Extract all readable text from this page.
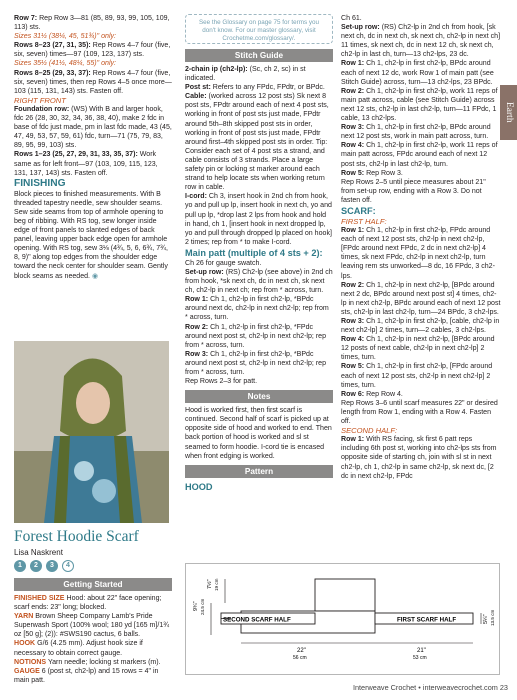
Earth

Row 7: Rep Row 3—81 (85, 89, 93, 99, 105, 109, 113) sts.

Sizes 31½ (38¼, 45, 51¾)" only:

Rows 8–23 (27, 31, 35): Rep Rows 4–7 four (five, six, seven) times—97 (109, 123, 137) sts.

Sizes 35½ (41½, 48¼, 55)" only:

Rows 8–25 (29, 33, 37): Rep Rows 4–7 four (five, six, seven) times, then rep Rows 4–5 once more—103 (115, 131, 143) sts. Fasten off.

RIGHT FRONT

Foundation row: (WS) With B and larger hook, fdc 26 (28, 30, 32, 34, 36, 38, 40), make 2 fdc in base of fdc just made, pm in last fdc made, 43 (45, 47, 49, 53, 57, 59, 61) fdc, turn—71 (75, 79, 83, 89, 95, 99, 103) sts.

Rows 1–23 (25, 27, 29, 31, 33, 35, 37): Work same as for left front—97 (103, 109, 115, 123, 131, 137, 143) sts. Fasten off.

FINISHING

Block pieces to finished measurements. With B threaded tapestry needle, sew shoulder seams. Sew side seams from top of armhole opening to beg of ribbing. With RS tog, sew longer inside edge of front panels to slanted edges of back panel, leaving upper back edge open for armhole opening. With RS tog, sew 3⅛ (4¾, 5, 6, 6¾, 7¾, 8, 9)" along top edges from the shoulder edge toward the neck center for shoulder seam. Gently block seams as needed. ◉

Forest Hoodie Scarf
Lisa Naskrent
1	2	3	4
Getting Started

FINISHED SIZE Hood: about 22" face opening; scarf ends: 23" long; blocked.

YARN Brown Sheep Company Lamb's Pride Superwash Sport (100% wool; 180 yd [165 m]/1¾ oz [50 g]; (2)): #SWS190 cactus, 6 balls.

HOOK G/6 (4.25 mm). Adjust hook size if necessary to obtain correct gauge.

NOTIONS Yarn needle; locking st markers (m).

GAUGE 6 (post st, ch2-lp) and 15 rows = 4" in main patt.

See the Glossary on page 75 for terms you don't know. For our master glossary, visit Crochetme.com/glossary/.
Stitch Guide

2-chain ip (ch2-lp): (Sc, ch 2, sc) in st indicated.

Post st: Refers to any FPdc, FPdtr, or BPdc.

Cable: (worked across 12 post sts) Sk next 8 post sts, FPdtr around each of next 4 post sts, working in front of post sts just made, FPdtr around 5th–8th skipped post sts in order, working in front of post sts just made, FPdtr around first–4th skipped post sts in order. Tip: Consider each set of 4 post sts a strand, and cable consists of 3 strands. Place a large safety pin or locking st marker around each strand to help locate sts when working return row in cable.

I-cord: Ch 3, insert hook in 2nd ch from hook, yo and pull up lp, insert hook in next ch, yo and pull up lp, *drop last 2 lps from hook and hold in hand, ch 1, [insert hook in next dropped lp, yo and pull through dropped lp placed on hook] 2 times; rep from * to make I-cord.

Main patt (multiple of 4 sts + 2):

Ch 26 for gauge swatch.

Set-up row: (RS) Ch2-lp (see above) in 2nd ch from hook, *sk next ch, dc in next ch, sk next ch, ch2-lp in next ch; rep from * across, turn.

Row 1: Ch 1, ch2-lp in first ch2-lp, *BPdc around next dc, ch2-lp in next ch2-lp; rep from * across, turn.

Row 2: Ch 1, ch2-lp in first ch2-lp, *FPdc around next post st, ch2-lp in next ch2-lp; rep from * across, turn.

Row 3: Ch 1, ch2-lp in first ch2-lp, *BPdc around next post st, ch2-lp in next ch2-lp; rep from * across, turn.

Rep Rows 2–3 for patt.

Notes

Hood is worked first, then first scarf is continued. Second half of scarf is picked up at opposite side of hood and worked to end. Then back portion of hood is worked and sl st seamed to form hoodie. I-cord tie is encased when front edging is worked.

Pattern

HOOD

Ch 61.

Set-up row: (RS) Ch2-lp in 2nd ch from hook, [sk next ch, dc in next ch, sk next ch, ch2-lp in next ch] 11 times, sk next ch, dc in next 12 ch, sk next ch, ch2-lp in last ch, turn—13 ch2-lps, 23 dc.

Row 1: Ch 1, ch2-lp in first ch2-lp, BPdc around each of next 12 dc, work Row 1 of main patt (see Stitch Guide) across, turn—13 ch2-lps, 23 BPdc.

Row 2: Ch 1, ch2-lp in first ch2-lp, work 11 reps of main patt across, cable (see Stitch Guide) across next 12 sts, ch2-lp in last ch2-lp, turn—11 FPdc, 1 cable, 13 ch2-lps.

Row 3: Ch 1, ch2-lp in first ch2-lp, BPdc around next 12 post sts, work in main patt across, turn.

Row 4: Ch 1, ch2-lp in first ch2-lp, work 11 reps of main patt across, FPdc around each of next 12 post sts, ch2-lp in last ch2-lp, turn.

Row 5: Rep Row 3.

Rep Rows 2–5 until piece measures about 21" from set-up row, ending with a Row 3. Do not fasten off.

SCARF:

FIRST HALF:

Row 1: Ch 1, ch2-lp in first ch2-lp, FPdc around each of next 12 post sts, ch2-lp in next ch2-lp, [FPdc around next FPdc, 2 dc in next ch2-lp] 4 times, sk next FPdc, ch2-lp in next ch2-lp, turn leaving rem sts unworked—8 dc, 16 FPdc, 3 ch2-lps.

Row 2: Ch 1, ch2-lp in next ch2-lp, [BPdc around next 2 dc, BPdc around next post st] 4 times, ch2-lp in next ch2-lp, BPdc around each of next 12 post sts, ch2-lp in last ch2-lp, turn—24 BPdc, 3 ch2-lps.

Row 3: Ch 1, ch2-lp in first ch2-lp, [cable, ch2-lp in next ch2-lp] 2 times, turn—2 cables, 3 ch2-lps.

Row 4: Ch 1, ch2-lp in next ch2-lp, [BPdc around 12 posts of next cable, ch2-lp in next ch2-lp] 2 times, turn.

Row 5: Ch 1, ch2-lp in first ch2-lp, [FPdc around each of next 12 post sts, ch2-lp in next ch2-lp] 2 times, turn.

Row 6: Rep Row 4.

Rep Rows 3–6 until scarf measures 22" or desired length from Row 1, ending with a Row 4. Fasten off.

SECOND HALF:

Row 1: With RS facing, sk first 6 patt reps including 6th post st, working into ch2-lps sts from opposite side of starting ch, join with sl st in next ch2-lp, ch 1, ch2-lp in same ch2-lp, sk next dc, [2 dc in next ch2-lp, FPdc

SECOND SCARF HALF	FIRST SCARF HALF
22"
56 cm
21"
53 cm
7½" 19 cm
9¾" 24.5 cm
5¼" 13.5 cm
Interweave Crochet • interweavecrochet.com 23
